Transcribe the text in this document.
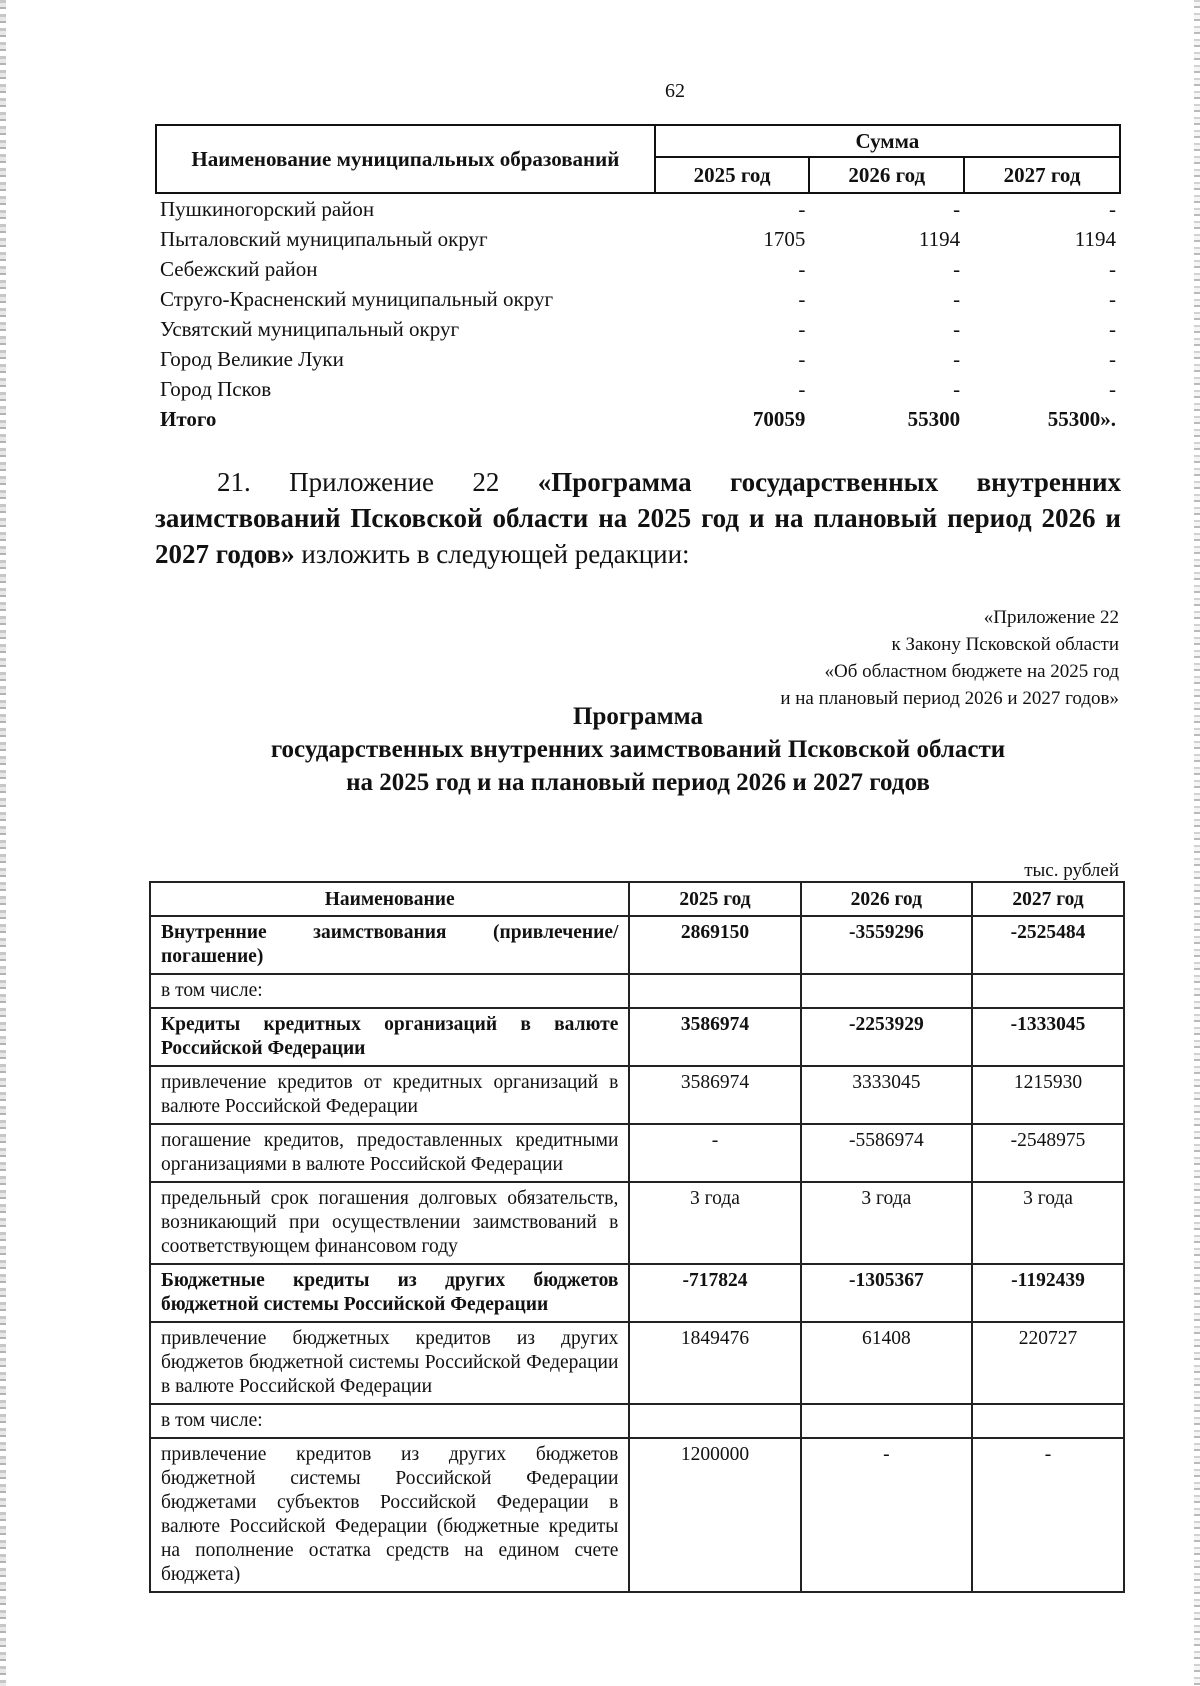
62
Наименование муниципальных образований	Сумма		
	2025 год	2026 год	2027 год
Пушкиногорский район	-	-	-
Пыталовский муниципальный округ	1705	1194	1194
Себежский район	-	-	-
Струго-Красненский муниципальный округ	-	-	-
Усвятский муниципальный округ	-	-	-
Город Великие Луки	-	-	-
Город Псков	-	-	-
Итого	70059	55300	55300».
21. Приложение 22 «Программа государственных внутренних заимствований Псковской области на 2025 год и на плановый период 2026 и 2027 годов» изложить в следующей редакции:
«Приложение 22
к Закону Псковской области
«Об областном бюджете на 2025 год
и на плановый период 2026 и 2027 годов»
Программа
государственных внутренних заимствований Псковской области
на 2025 год и на плановый период 2026 и 2027 годов
тыс. рублей
Наименование	2025 год	2026 год	2027 год
Внутренние заимствования (привлечение/погашение)	2869150	-3559296	-2525484
в том числе:			
Кредиты кредитных организаций в валюте Российской Федерации	3586974	-2253929	-1333045
привлечение кредитов от кредитных организаций в валюте Российской Федерации	3586974	3333045	1215930
погашение кредитов, предоставленных кредитными организациями в валюте Российской Федерации	-	-5586974	-2548975
предельный срок погашения долговых обязательств, возникающий при осуществлении заимствований в соответствующем финансовом году	3 года	3 года	3 года
Бюджетные кредиты из других бюджетов бюджетной системы Российской Федерации	-717824	-1305367	-1192439
привлечение бюджетных кредитов из других бюджетов бюджетной системы Российской Федерации в валюте Российской Федерации	1849476	61408	220727
в том числе:			
привлечение кредитов из других бюджетов бюджетной системы Российской Федерации бюджетами субъектов Российской Федерации в валюте Российской Федерации (бюджетные кредиты на пополнение остатка средств на едином счете бюджета)	1200000	-	-
